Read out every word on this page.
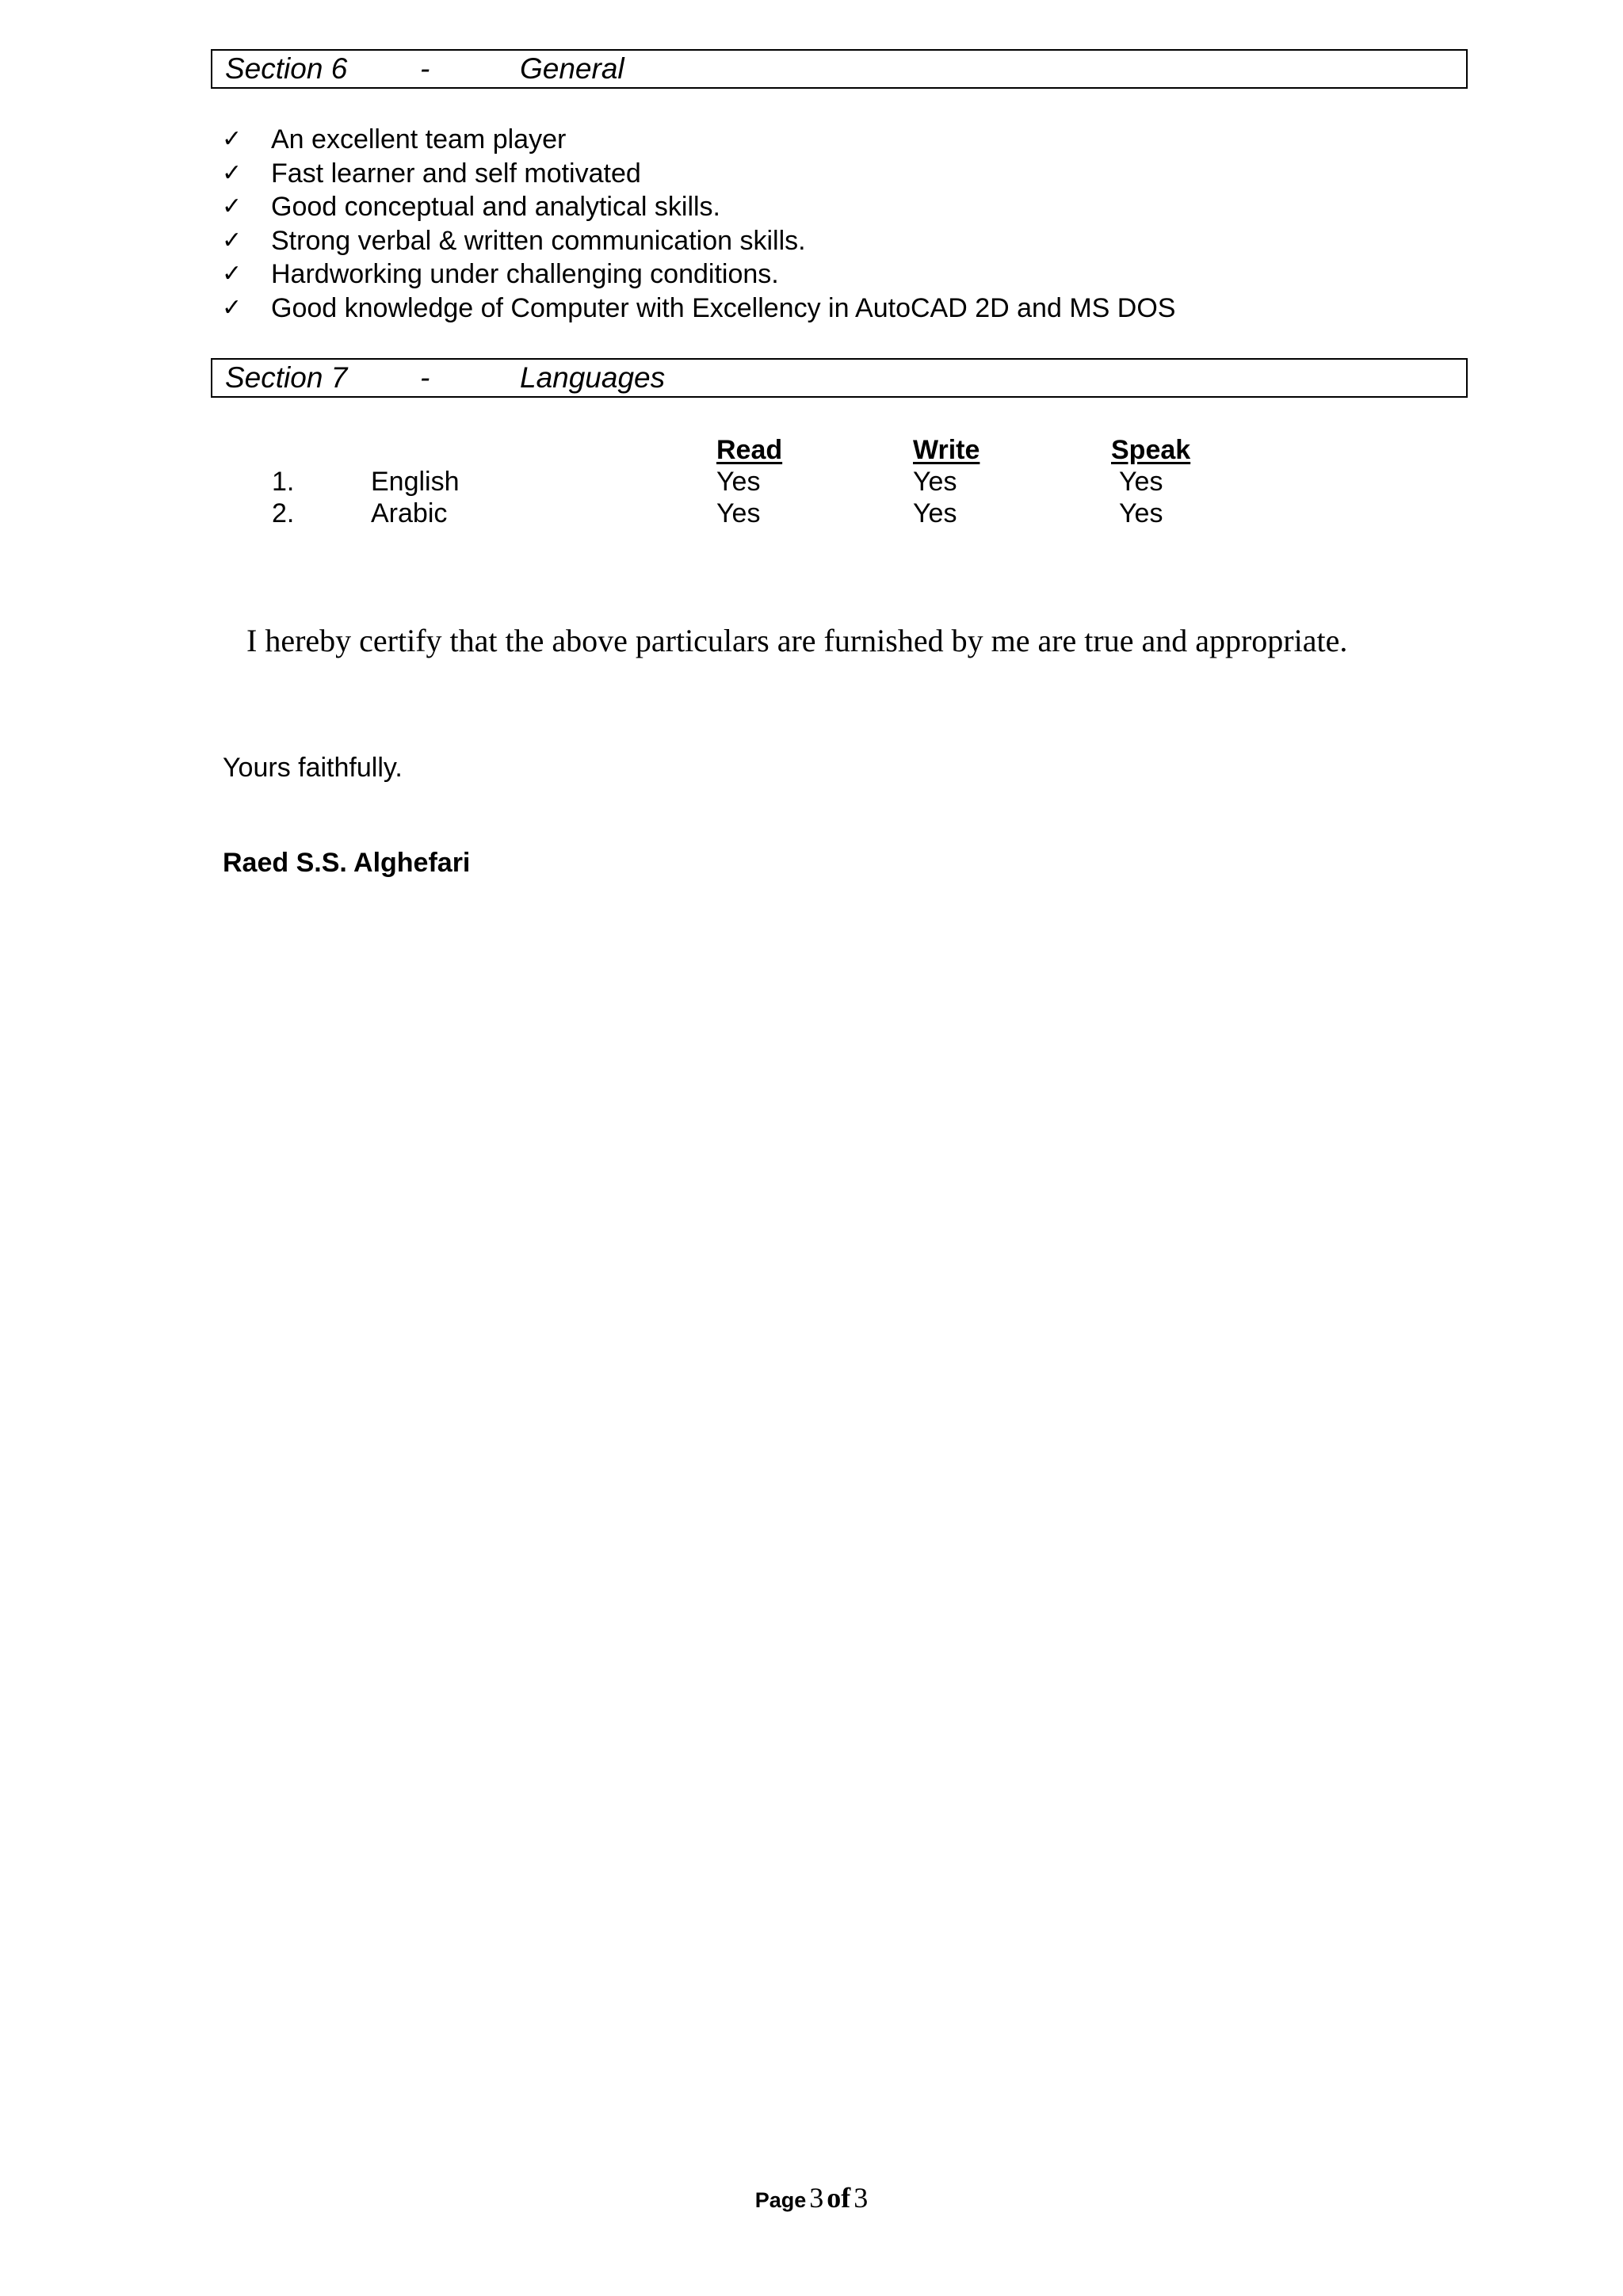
Section 6 -	General
✓ An excellent team player
✓ Fast learner and self motivated
✓ Good conceptual and analytical skills.
✓ Strong verbal & written communication skills.
✓ Hardworking under challenging conditions.
✓ Good knowledge of Computer with Excellency in AutoCAD 2D and MS DOS
Section 7 -	Languages
Read	Write	Speak
1.	English	Yes	Yes	Yes
2.	Arabic	Yes	Yes	Yes
I hereby certify that the above particulars are furnished by me are true and appropriate.
Yours faithfully.
Raed S.S. Alghefari
Page 3 of 3
